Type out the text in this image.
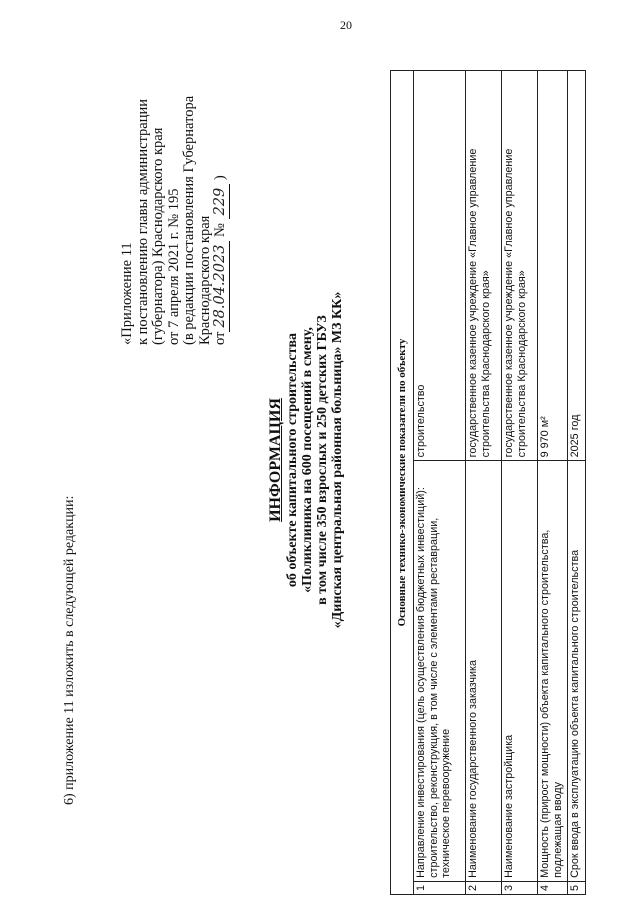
20
6) приложение 11 изложить в следующей редакции:
«Приложение 11 к постановлению главы администрации (губернатора) Краснодарского края от 7 апреля 2021 г. № 195 (в редакции постановления Губернатора Краснодарского края от28.04.2023 № 229 )
ИНФОРМАЦИЯ об объекте капитального строительства «Поликлиника на 600 посещений в смену, в том числе 350 взрослых и 250 детских ГБУЗ «Динская центральная районная больница» МЗ КК»	Основные технико-экономические показатели по объекту		
1	Направление инвестирования (цель осуществления бюджетных инвестиций): строительство, реконструкция, в том числе с элементами реставрации, техническое перевооружение	строительство
2	Наименование государственного заказчика	государственное казенное учреждение «Главное управление строительства Краснодарского края»
3	Наименование застройщика	государственное казенное учреждение «Главное управление строительства Краснодарского края»
4	Мощность (прирост мощности) объекта капитального строительства, подлежащая вводу	9 970 м²
5	Срок ввода в эксплуатацию объекта капитального строительства	2025 год
